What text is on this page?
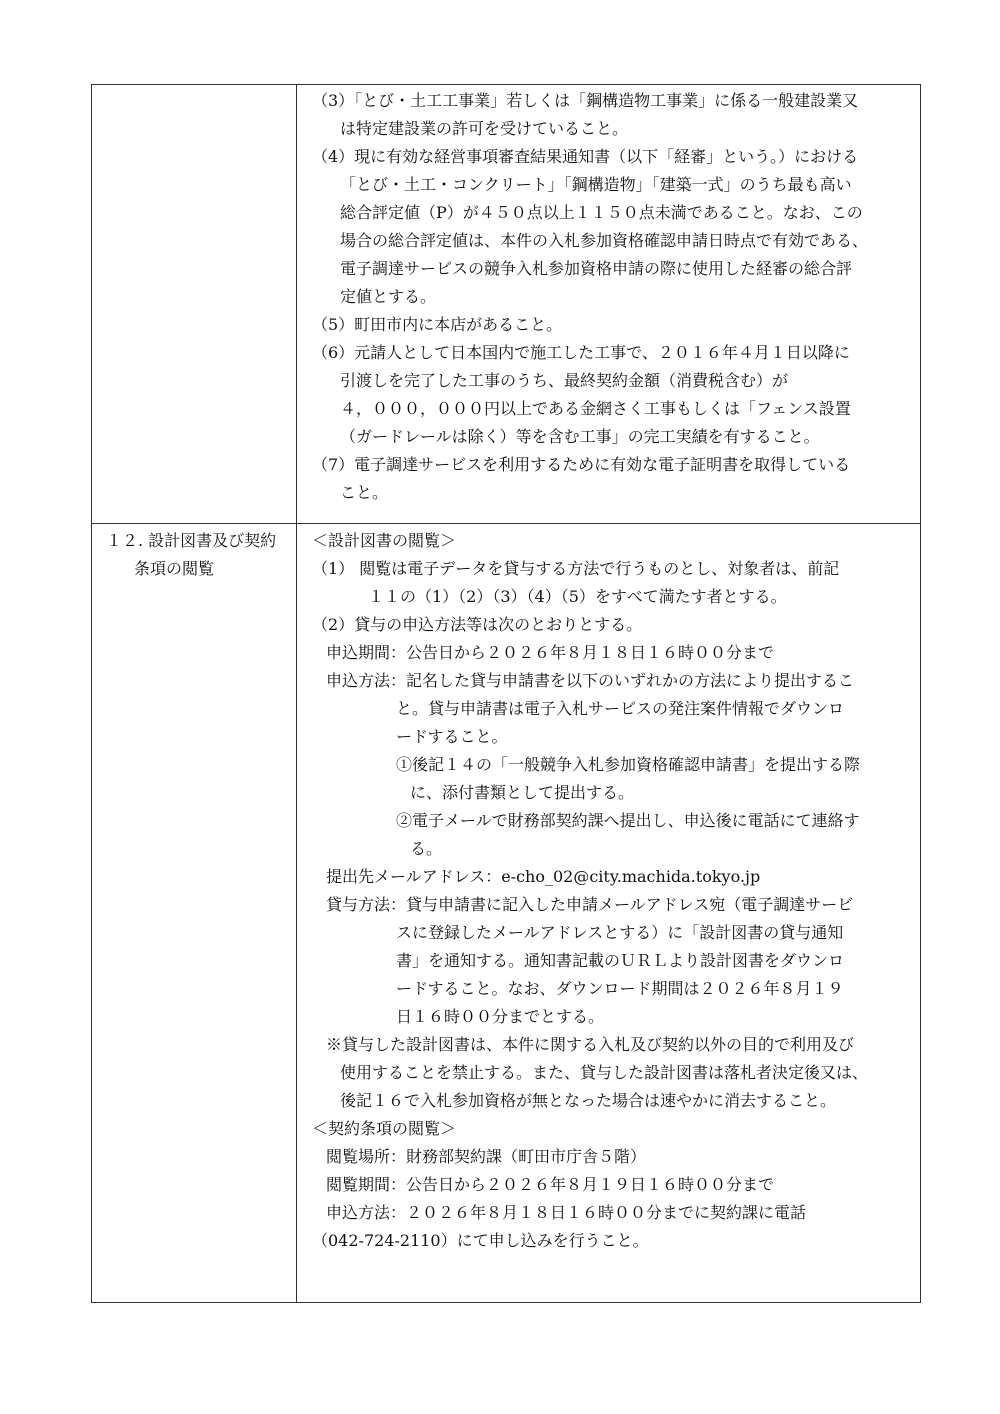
１２. 設計図書及び契約
条項の閲覧
（3）「とび・土工工事業」若しくは「鋼構造物工事業」に係る一般建設業又
は特定建設業の許可を受けていること。
（4）現に有効な経営事項審査結果通知書（以下「経審」という。）における
「とび・土工・コンクリート」「鋼構造物」「建築一式」のうち最も高い
総合評定値（P）が４５０点以上１１５０点未満であること。なお、この
場合の総合評定値は、本件の入札参加資格確認申請日時点で有効である、
電子調達サービスの競争入札参加資格申請の際に使用した経審の総合評
定値とする。
（5）町田市内に本店があること。
（6）元請人として日本国内で施工した工事で、２０１６年４月１日以降に
引渡しを完了した工事のうち、最終契約金額（消費税含む）が
４，０００，０００円以上である金網さく工事もしくは「フェンス設置
（ガードレールは除く）等を含む工事」の完工実績を有すること。
（7）電子調達サービスを利用するために有効な電子証明書を取得している
こと。
＜設計図書の閲覧＞
（1） 閲覧は電子データを貸与する方法で行うものとし、対象者は、前記
１１の（1）（2）（3）（4）（5）をすべて満たす者とする。
（2）貸与の申込方法等は次のとおりとする。
申込期間：公告日から２０２６年８月１８日１６時００分まで
申込方法：記名した貸与申請書を以下のいずれかの方法により提出するこ
と。貸与申請書は電子入札サービスの発注案件情報でダウンロ
ードすること。
①後記１４の「一般競争入札参加資格確認申請書」を提出する際
に、添付書類として提出する。
②電子メールで財務部契約課へ提出し、申込後に電話にて連絡す
る。
提出先メールアドレス：e-cho_02@city.machida.tokyo.jp
貸与方法：貸与申請書に記入した申請メールアドレス宛（電子調達サービ
スに登録したメールアドレスとする）に「設計図書の貸与通知
書」を通知する。通知書記載のＵＲＬより設計図書をダウンロ
ードすること。なお、ダウンロード期間は２０２６年８月１９
日１６時００分までとする。
※貸与した設計図書は、本件に関する入札及び契約以外の目的で利用及び
使用することを禁止する。また、貸与した設計図書は落札者決定後又は、
後記１６で入札参加資格が無となった場合は速やかに消去すること。
＜契約条項の閲覧＞
閲覧場所：財務部契約課（町田市庁舎５階）
閲覧期間：公告日から２０２６年８月１９日１６時００分まで
申込方法：２０２６年８月１８日１６時００分までに契約課に電話
（042-724-2110）にて申し込みを行うこと。
